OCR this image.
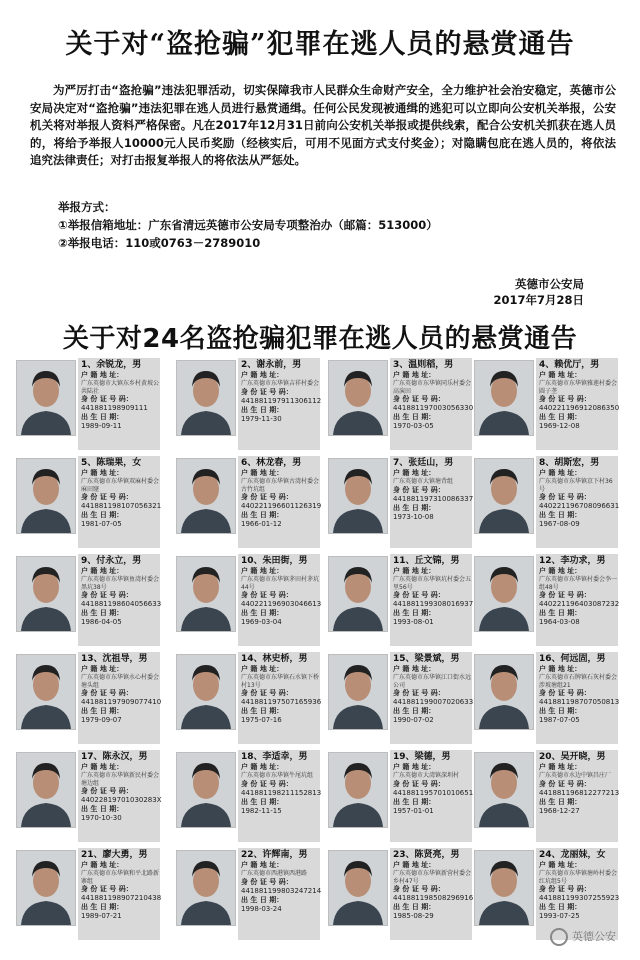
关于对“盗抢骗”犯罪在逃人员的悬赏通告
为严厉打击“盗抢骗”违法犯罪活动，切实保障我市人民群众生命财产安全，全力维护社会治安稳定，英德市公安局决定对“盗抢骗”违法犯罪在逃人员进行悬赏通缉。任何公民发现被通缉的逃犯可以立即向公安机关举报，公安机关将对举报人资料严格保密。凡在2017年12月31日前向公安机关举报或提供线索，配合公安机关抓获在逃人员的，将给予举报人10000元人民币奖励（经核实后，可用不见面方式支付奖金）；对隐瞒包庇在逃人员的，将依法追究法律责任；对打击报复举报人的将依法从严惩处。
举报方式：
①举报信箱地址：广东省清远英德市公安局专项整治办（邮篇：513000）
②举报电话：110或0763－2789010
英德市公安局
2017年7月28日
关于对24名盗抢骗犯罪在逃人员的悬赏通告
1、余锐龙，男
户 籍 地 址：
广东英德市大镇东乡村黄坡公共陆社
身 份 证 号 码：
441881198909111
出 生 日 期：
1989-09-11
2、谢永前，男
户 籍 地 址：
广东英德市东华镇吉祥村委会
身 份 证 号 码：
441881197911306112
出 生 日 期：
1979-11-30
3、温则稻，男
户 籍 地 址：
广东英德市东华镇同乐村委会高演田
身 份 证 号 码：
441881197003056330
出 生 日 期：
1970-03-05
4、赖优厅，男
户 籍 地 址：
广东英德市东华镇雅莲村委会圆子垄
身 份 证 号 码：
440221196912086350
出 生 日 期：
1969-12-08
5、陈瑞果，女
户 籍 地 址：
广东英德市东华镇双麻村委会麻田窿
身 份 证 号 码：
441881198107056321
出 生 日 期：
1981-07-05
6、林龙春，男
户 籍 地 址：
广东英德市东华镇古湾村委会古竹坑组
身 份 证 号 码：
440221196601126319
出 生 日 期：
1966-01-12
7、张廷山，男
户 籍 地 址：
广东英德市大镇塘背组
身 份 证 号 码：
441881197310086337
出 生 日 期：
1973-10-08
8、胡斯宏，男
户 籍 地 址：
广东英德市东华镇京下村36号
身 份 证 号 码：
440221196708096631
出 生 日 期：
1967-08-09
9、付永立，男
户 籍 地 址：
广东英德市东华镇鱼湾村委会黑坑38号
身 份 证 号 码：
441881198604056633
出 生 日 期：
1986-04-05
10、朱田街，男
户 籍 地 址：
广东英德市东华镇茅田村茅坑44号
身 份 证 号 码：
440221196903046613
出 生 日 期：
1969-03-04
11、丘文锦，男
户 籍 地 址：
广东英德市东华镇坑村委会五里56号
身 份 证 号 码：
441881199308016937
出 生 日 期：
1993-08-01
12、李功求，男
户 籍 地 址：
广东英德市东华镇村委会李一组48号
身 份 证 号 码：
440221196403087232
出 生 日 期：
1964-03-08
13、沈祖导，男
户 籍 地 址：
广东英德市东华镇水心村委会塘头组
身 份 证 号 码：
441881197909077410
出 生 日 期：
1979-09-07
14、林史桥，男
户 籍 地 址：
广东英德市东华镇石水镇下桥村13号
身 份 证 号 码：
441881197507165936
出 生 日 期：
1975-07-16
15、梁景斌，男
户 籍 地 址：
广东英德市东华镇江口街水远公司
身 份 证 号 码：
441881199007020633
出 生 日 期：
1990-07-02
16、何远固，男
户 籍 地 址：
广东英德市石牌镇石灰村委会涉坡塘组21
身 份 证 号 码：
441881198707050813
出 生 日 期：
1987-07-05
17、陈永汉，男
户 籍 地 址：
广东英德市东华镇新民村委会塘边组
身 份 证 号 码：
44022819701030283X
出 生 日 期：
1970-10-30
18、李适幸，男
户 籍 地 址：
广东英德市东华镇牛尾坑组
身 份 证 号 码：
441881198211152813
出 生 日 期：
1982-11-15
19、梁德，男
户 籍 地 址：
广东英德市大湾镇深圳村
身 份 证 号 码：
441881195701010651
出 生 日 期：
1957-01-01
20、吴开晓，男
户 籍 地 址：
广东英德市水边中镇昌庄厂
身 份 证 号 码：
441881196812277213
出 生 日 期：
1968-12-27
21、廖大勇，男
户 籍 地 址：
广东英德市东华镇和平北路新寨组
身 份 证 号 码：
441881198907210438
出 生 日 期：
1989-07-21
22、许辉南，男
户 籍 地 址：
广东英德市西港镇西港路
身 份 证 号 码：
441881199803247214
出 生 日 期：
1998-03-24
23、陈贤亮，男
户 籍 地 址：
广东英德市东华镇新营村委会乡村47号
身 份 证 号 码：
441881198508296916
出 生 日 期：
1985-08-29
24、龙丽妹，女
户 籍 地 址：
广东英德市东华镇塘岭村委会红坑组5号
身 份 证 号 码：
441881199307255923
出 生 日 期：
1993-07-25
英德公安
